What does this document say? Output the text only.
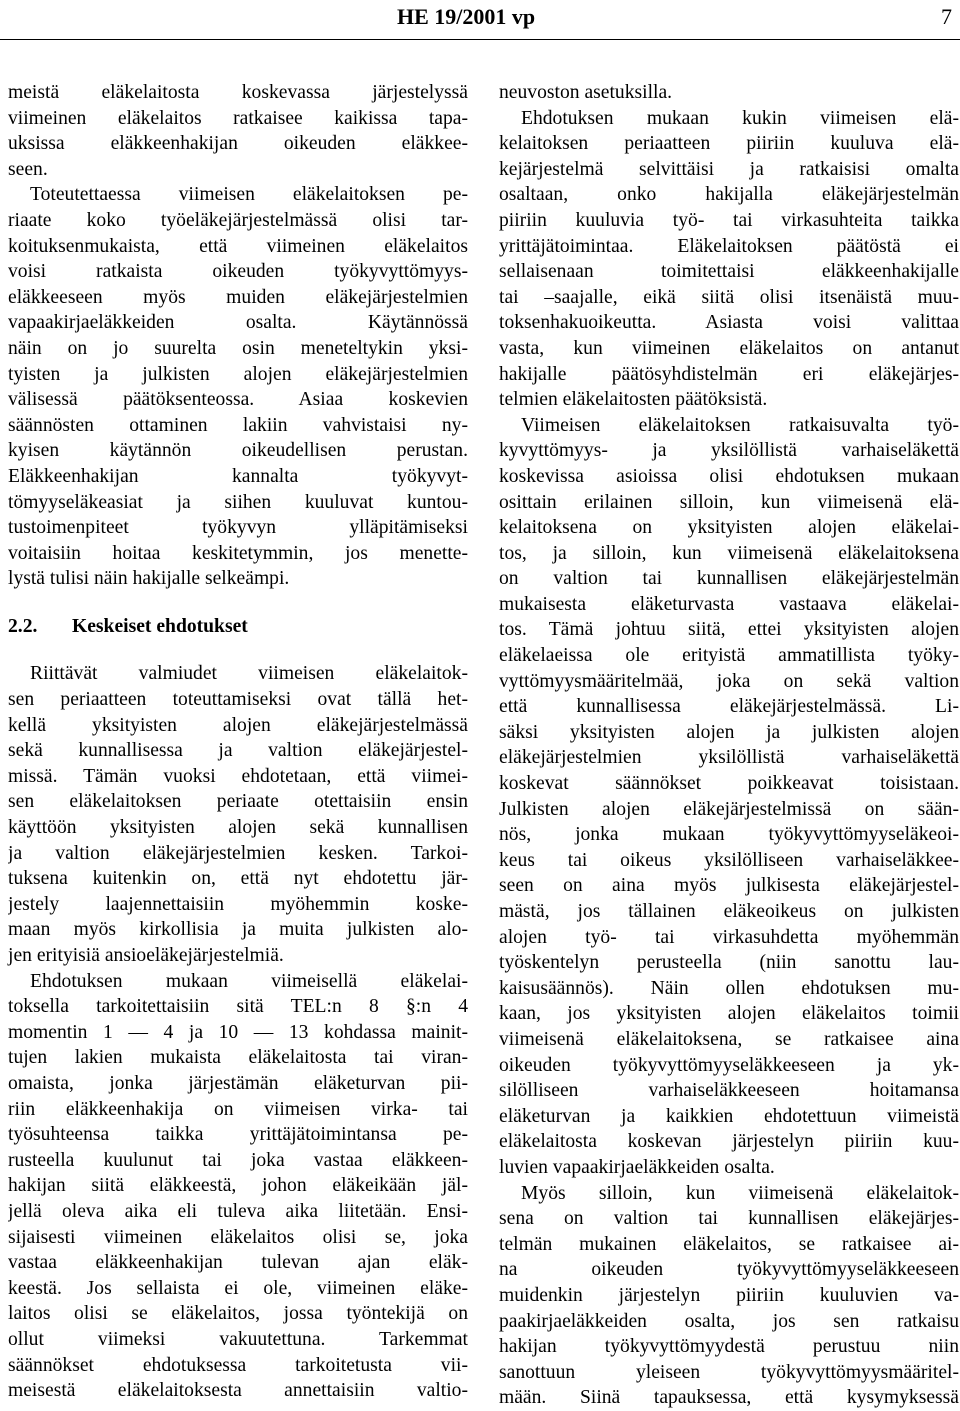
HE 19/2001 vp	7
meistä eläkelaitosta koskevassa järjestelyssä
viimeinen eläkelaitos ratkaisee kaikissa tapa-
uksissa eläkkeenhakijan oikeuden eläkkee-
seen.
Toteutettaessa viimeisen eläkelaitoksen pe-
riaate koko työeläkejärjestelmässä olisi tar-
koituksenmukaista, että viimeinen eläkelaitos
voisi ratkaista oikeuden työkyvyttömyys-
eläkkeeseen myös muiden eläkejärjestelmien
vapaakirjaeläkkeiden osalta. Käytännössä
näin on jo suurelta osin meneteltykin yksi-
tyisten ja julkisten alojen eläkejärjestelmien
välisessä päätöksenteossa. Asiaa koskevien
säännösten ottaminen lakiin vahvistaisi ny-
kyisen käytännön oikeudellisen perustan.
Eläkkeenhakijan kannalta työkyvyt-
tömyyseläkeasiat ja siihen kuuluvat kuntou-
tustoimenpiteet työkyvyn ylläpitämiseksi
voitaisiin hoitaa keskitetymmin, jos menette-
lystä tulisi näin hakijalle selkeämpi.
2.2. Keskeiset ehdotukset
Riittävät valmiudet viimeisen eläkelaitok-
sen periaatteen toteuttamiseksi ovat tällä het-
kellä yksityisten alojen eläkejärjestelmässä
sekä kunnallisessa ja valtion eläkejärjestel-
missä. Tämän vuoksi ehdotetaan, että viimei-
sen eläkelaitoksen periaate otettaisiin ensin
käyttöön yksityisten alojen sekä kunnallisen
ja valtion eläkejärjestelmien kesken. Tarkoi-
tuksena kuitenkin on, että nyt ehdotettu jär-
jestely laajennettaisiin myöhemmin koske-
maan myös kirkollisia ja muita julkisten alo-
jen erityisiä ansioeläkejärjestelmiä.
Ehdotuksen mukaan viimeisellä eläkelai-
toksella tarkoitettaisiin sitä TEL:n 8 §:n 4
momentin 1 — 4 ja 10 — 13 kohdassa mainit-
tujen lakien mukaista eläkelaitosta tai viran-
omaista, jonka järjestämän eläketurvan pii-
riin eläkkeenhakija on viimeisen virka- tai
työsuhteensa taikka yrittäjätoimintansa pe-
rusteella kuulunut tai joka vastaa eläkkeen-
hakijan siitä eläkkeestä, johon eläkeikään jäl-
jellä oleva aika eli tuleva aika liitetään. Ensi-
sijaisesti viimeinen eläkelaitos olisi se, joka
vastaa eläkkeenhakijan tulevan ajan eläk-
keestä. Jos sellaista ei ole, viimeinen eläke-
laitos olisi se eläkelaitos, jossa työntekijä on
ollut viimeksi vakuutettuna. Tarkemmat
säännökset ehdotuksessa tarkoitetusta vii-
meisestä eläkelaitoksesta annettaisiin valtio-
neuvoston asetuksilla.
Ehdotuksen mukaan kukin viimeisen elä-
kelaitoksen periaatteen piiriin kuuluva elä-
kejärjestelmä selvittäisi ja ratkaisisi omalta
osaltaan, onko hakijalla eläkejärjestelmän
piiriin kuuluvia työ- tai virkasuhteita taikka
yrittäjätoimintaa. Eläkelaitoksen päätöstä ei
sellaisenaan toimitettaisi eläkkeenhakijalle
tai –saajalle, eikä siitä olisi itsenäistä muu-
toksenhakuoikeutta. Asiasta voisi valittaa
vasta, kun viimeinen eläkelaitos on antanut
hakijalle päätösyhdistelmän eri eläkejärjes-
telmien eläkelaitosten päätöksistä.
Viimeisen eläkelaitoksen ratkaisuvalta työ-
kyvyttömyys- ja yksilöllistä varhaiseläkettä
koskevissa asioissa olisi ehdotuksen mukaan
osittain erilainen silloin, kun viimeisenä elä-
kelaitoksena on yksityisten alojen eläkelai-
tos, ja silloin, kun viimeisenä eläkelaitoksena
on valtion tai kunnallisen eläkejärjestelmän
mukaisesta eläketurvasta vastaava eläkelai-
tos. Tämä johtuu siitä, ettei yksityisten alojen
eläkelaeissa ole erityistä ammatillista työky-
vyttömyysmääritelmää, joka on sekä valtion
että kunnallisessa eläkejärjestelmässä. Li-
säksi yksityisten alojen ja julkisten alojen
eläkejärjestelmien yksilöllistä varhaiseläkettä
koskevat säännökset poikkeavat toisistaan.
Julkisten alojen eläkejärjestelmissä on sään-
nös, jonka mukaan työkyvyttömyyseläkeoi-
keus tai oikeus yksilölliseen varhaiseläkkee-
seen on aina myös julkisesta eläkejärjestel-
mästä, jos tällainen eläkeoikeus on julkisten
alojen työ- tai virkasuhdetta myöhemmän
työskentelyn perusteella (niin sanottu lau-
kaisusäännös). Näin ollen ehdotuksen mu-
kaan, jos yksityisten alojen eläkelaitos toimii
viimeisenä eläkelaitoksena, se ratkaisee aina
oikeuden työkyvyttömyyseläkkeeseen ja yk-
silölliseen varhaiseläkkeeseen hoitamansa
eläketurvan ja kaikkien ehdotettuun viimeistä
eläkelaitosta koskevan järjestelyn piiriin kuu-
luvien vapaakirjaeläkkeiden osalta.
Myös silloin, kun viimeisenä eläkelaitok-
sena on valtion tai kunnallisen eläkejärjes-
telmän mukainen eläkelaitos, se ratkaisee ai-
na oikeuden työkyvyttömyyseläkkeeseen
muidenkin järjestelyn piiriin kuuluvien va-
paakirjaeläkkeiden osalta, jos sen ratkaisu
hakijan työkyvyttömyydestä perustuu niin
sanottuun yleiseen työkyvyttömyysmääritel-
mään. Siinä tapauksessa, että kysymyksessä
